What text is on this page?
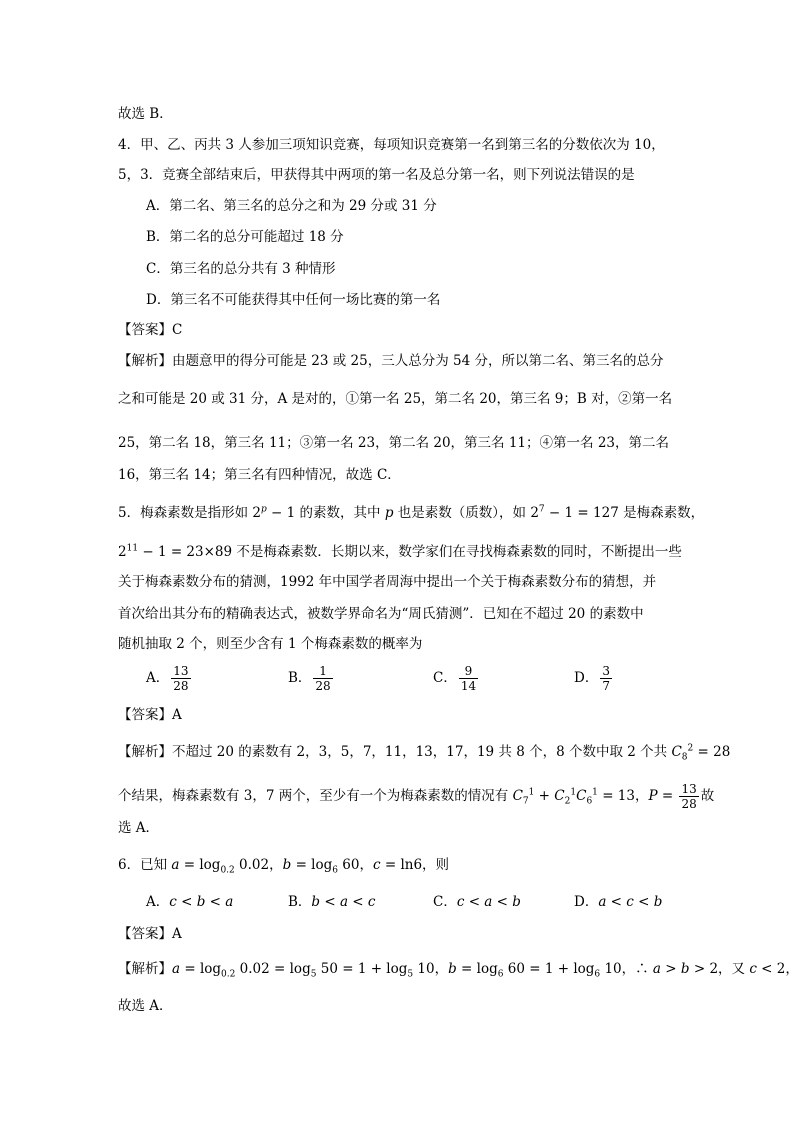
故选 B．
4．甲、乙、丙共 3 人参加三项知识竞赛，每项知识竞赛第一名到第三名的分数依次为 10，
5，3．竞赛全部结束后，甲获得其中两项的第一名及总分第一名，则下列说法错误的是
A．第二名、第三名的总分之和为 29 分或 31 分
B．第二名的总分可能超过 18 分
C．第三名的总分共有 3 种情形
D．第三名不可能获得其中任何一场比赛的第一名
【答案】C
【解析】由题意甲的得分可能是 23 或 25，三人总分为 54 分，所以第二名、第三名的总分
之和可能是 20 或 31 分，A 是对的，①第一名 25，第二名 20，第三名 9；B 对，②第一名
25，第二名 18，第三名 11；③第一名 23，第二名 20，第三名 11；④第一名 23，第二名
16，第三名 14；第三名有四种情况，故选 C．
5．梅森素数是指形如 $2^p - 1$ 的素数，其中 p 也是素数（质数），如 $2^7 - 1 = 127$ 是梅森素数，
$2^{11} - 1 = 23\times 89$ 不是梅森素数．长期以来，数学家们在寻找梅森素数的同时，不断提出一些
关于梅森素数分布的猜测，1992 年中国学者周海中提出一个关于梅森素数分布的猜想，并
首次给出其分布的精确表达式，被数学界命名为“周氏猜测”．已知在不超过 20 的素数中
随机抽取 2 个，则至少含有 1 个梅森素数的概率为
A． $\frac{13}{28}$	B． $\frac{1}{28}$	C． $\frac{9}{14}$	D． $\frac{3}{7}$
【答案】A
【解析】不超过 20 的素数有 2，3，5，7，11，13，17，19 共 8 个，8 个数中取 2 个共 $C_8^2 = 28$
个结果，梅森素数有 3，7 两个，至少有一个为梅森素数的情况有 $C_7^1 + C_2^1C_6^1 = 13$，$P = \frac{13}{28}$ 故
选 A．
6．已知 $a = \log_{0.2} 0.02$，$b = \log_6 60$，c = ln6，则
A．c < b < a	B．b < a < c	C．c < a < b	D．a < c < b
【答案】A
【解析】$a = \log_{0.2} 0.02 = \log_5 50 = 1 + \log_5 10$，$b = \log_6 60 = 1 + \log_6 10$，∴ a > b > 2，又 c < 2，
故选 A．
